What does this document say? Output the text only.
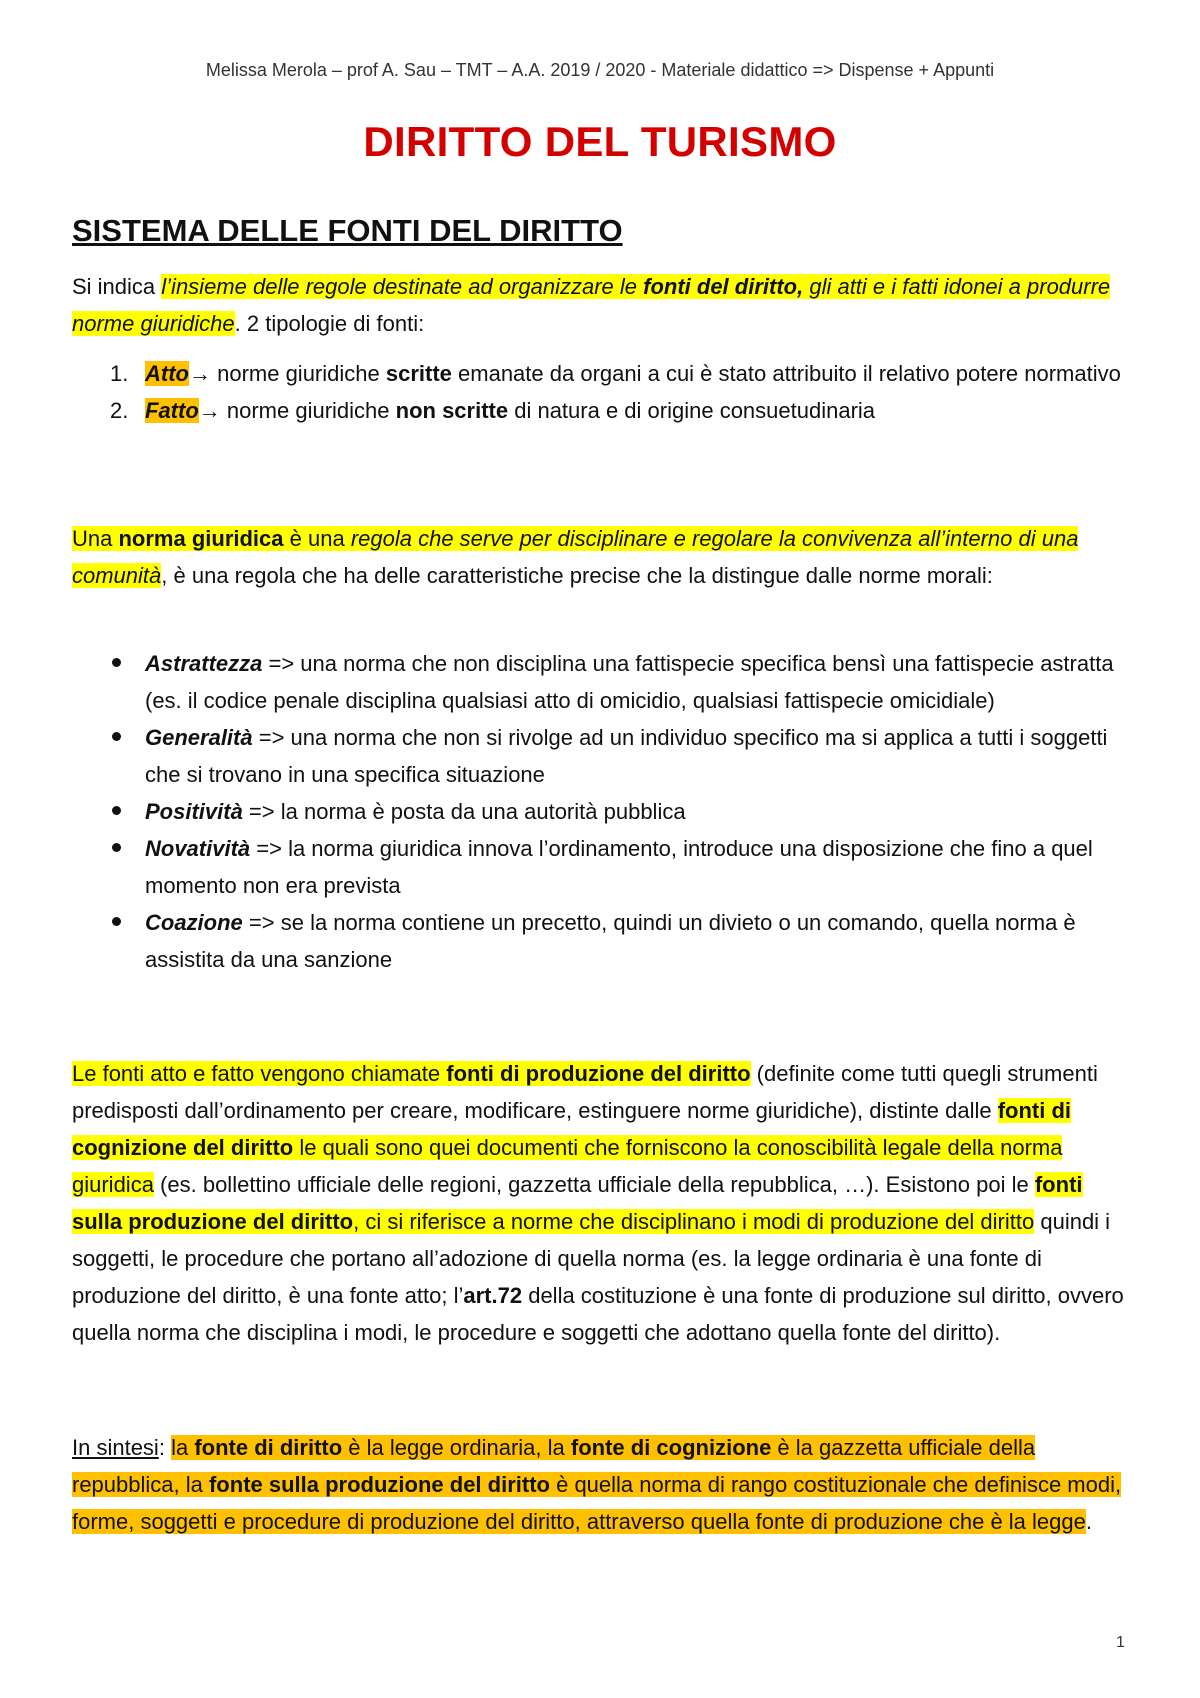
Melissa Merola – prof A. Sau – TMT – A.A. 2019 / 2020 - Materiale didattico => Dispense + Appunti
DIRITTO DEL TURISMO
SISTEMA DELLE FONTI DEL DIRITTO

Si indica l’insieme delle regole destinate ad organizzare le fonti del diritto, gli atti e i fatti idonei a produrre norme giuridiche. 2 tipologie di fonti:

1. Atto→ norme giuridiche scritte emanate da organi a cui è stato attribuito il relativo potere normativo
2. Fatto→ norme giuridiche non scritte di natura e di origine consuetudinaria

Una norma giuridica è una regola che serve per disciplinare e regolare la convivenza all’interno di una comunità, è una regola che ha delle caratteristiche precise che la distingue dalle norme morali:

Astrattezza => una norma che non disciplina una fattispecie specifica bensì una fattispecie astratta (es. il codice penale disciplina qualsiasi atto di omicidio, qualsiasi fattispecie omicidiale)
Generalità => una norma che non si rivolge ad un individuo specifico ma si applica a tutti i soggetti che si trovano in una specifica situazione
Positività => la norma è posta da una autorità pubblica
Novatività => la norma giuridica innova l’ordinamento, introduce una disposizione che fino a quel momento non era prevista
Coazione => se la norma contiene un precetto, quindi un divieto o un comando, quella norma è assistita da una sanzione

Le fonti atto e fatto vengono chiamate fonti di produzione del diritto (definite come tutti quegli strumenti predisposti dall’ordinamento per creare, modificare, estinguere norme giuridiche), distinte dalle fonti di cognizione del diritto le quali sono quei documenti che forniscono la conoscibilità legale della norma giuridica (es. bollettino ufficiale delle regioni, gazzetta ufficiale della repubblica, …). Esistono poi le fonti sulla produzione del diritto, ci si riferisce a norme che disciplinano i modi di produzione del diritto quindi i soggetti, le procedure che portano all’adozione di quella norma (es. la legge ordinaria è una fonte di produzione del diritto, è una fonte atto; l’art.72 della costituzione è una fonte di produzione sul diritto, ovvero quella norma che disciplina i modi, le procedure e soggetti che adottano quella fonte del diritto).

In sintesi: la fonte di diritto è la legge ordinaria, la fonte di cognizione è la gazzetta ufficiale della repubblica, la fonte sulla produzione del diritto è quella norma di rango costituzionale che definisce modi, forme, soggetti e procedure di produzione del diritto, attraverso quella fonte di produzione che è la legge.

1
